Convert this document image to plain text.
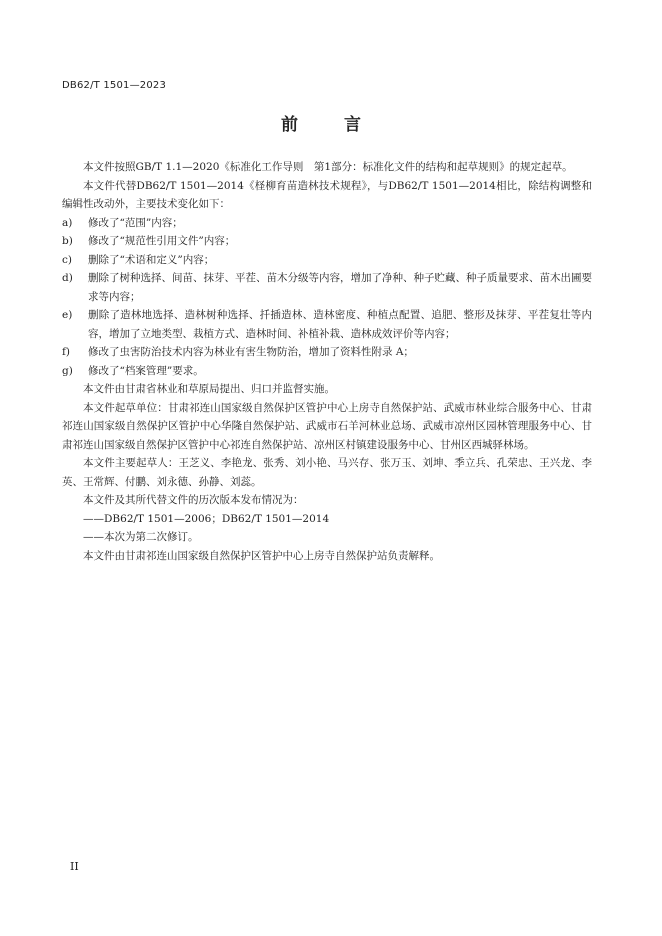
DB62/T 1501—2023
前 言

本文件按照GB/T 1.1—2020《标准化工作导则　第1部分：标准化文件的结构和起草规则》的规定起草。

本文件代替DB62/T 1501—2014《柽柳育苗造林技术规程》，与DB62/T 1501—2014相比，除结构调整和编辑性改动外，主要技术变化如下：

a)	修改了“范围”内容；
b)	修改了“规范性引用文件”内容；
c)	删除了“术语和定义”内容；
d)	删除了树种选择、间苗、抹芽、平茬、苗木分级等内容，增加了净种、种子贮藏、种子质量要求、苗木出圃要求等内容；
e)	删除了造林地选择、造林树种选择、扦插造林、造林密度、种植点配置、追肥、整形及抹芽、平茬复壮等内容，增加了立地类型、栽植方式、造林时间、补植补栽、造林成效评价等内容；
f)	修改了虫害防治技术内容为林业有害生物防治，增加了资料性附录 A；
g)	修改了“档案管理”要求。

本文件由甘肃省林业和草原局提出、归口并监督实施。

本文件起草单位：甘肃祁连山国家级自然保护区管护中心上房寺自然保护站、武威市林业综合服务中心、甘肃祁连山国家级自然保护区管护中心华隆自然保护站、武威市石羊河林业总场、武威市凉州区园林管理服务中心、甘肃祁连山国家级自然保护区管护中心祁连自然保护站、凉州区村镇建设服务中心、甘州区西城驿林场。

本文件主要起草人：王芝义、李艳龙、张秀、刘小艳、马兴存、张万玉、刘坤、季立兵、孔荣忠、王兴龙、李英、王常辉、付鹏、刘永德、孙静、刘蕊。

本文件及其所代替文件的历次版本发布情况为：

——DB62/T 1501—2006；DB62/T 1501—2014

——本次为第二次修订。

本文件由甘肃祁连山国家级自然保护区管护中心上房寺自然保护站负责解释。

II
